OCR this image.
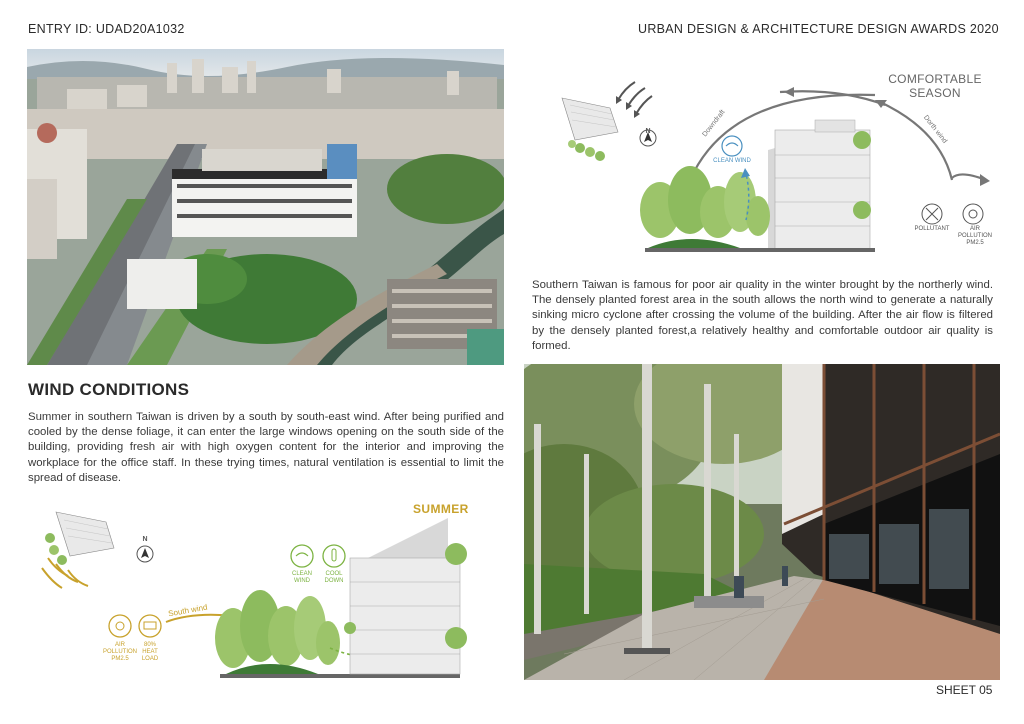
ENTRY ID: UDAD20A1032	URBAN DESIGN & ARCHITECTURE DESIGN AWARDS 2020
COMFORTABLE
SEASON
Downdraft	Dorth wind
CLEAN WIND
POLLUTANT	AIR
POLLUTION
PM2.5
N
Southern Taiwan is famous for poor air quality in the winter brought by the northerly wind. The densely planted forest area in the south allows the north wind to generate a naturally sinking micro cyclone after crossing the volume of the building. After the air flow is filtered by the densely planted forest,a relatively healthy and comfortable outdoor air quality is formed.
WIND CONDITIONS
Summer in southern Taiwan is driven by a south by south-east wind. After being purified and cooled by the dense foliage, it can enter the large windows opening on the south side of the building, providing fresh air with high oxygen content for the interior and improving the workplace for the office staff. In these trying times, natural ventilation is essential to limit the spread of disease.
SUMMER
South wind
CLEAN WIND
COOL
DOWN
AIR
POLLUTION
PM2.5
80%
HEAT
LOAD
N
SHEET 05
